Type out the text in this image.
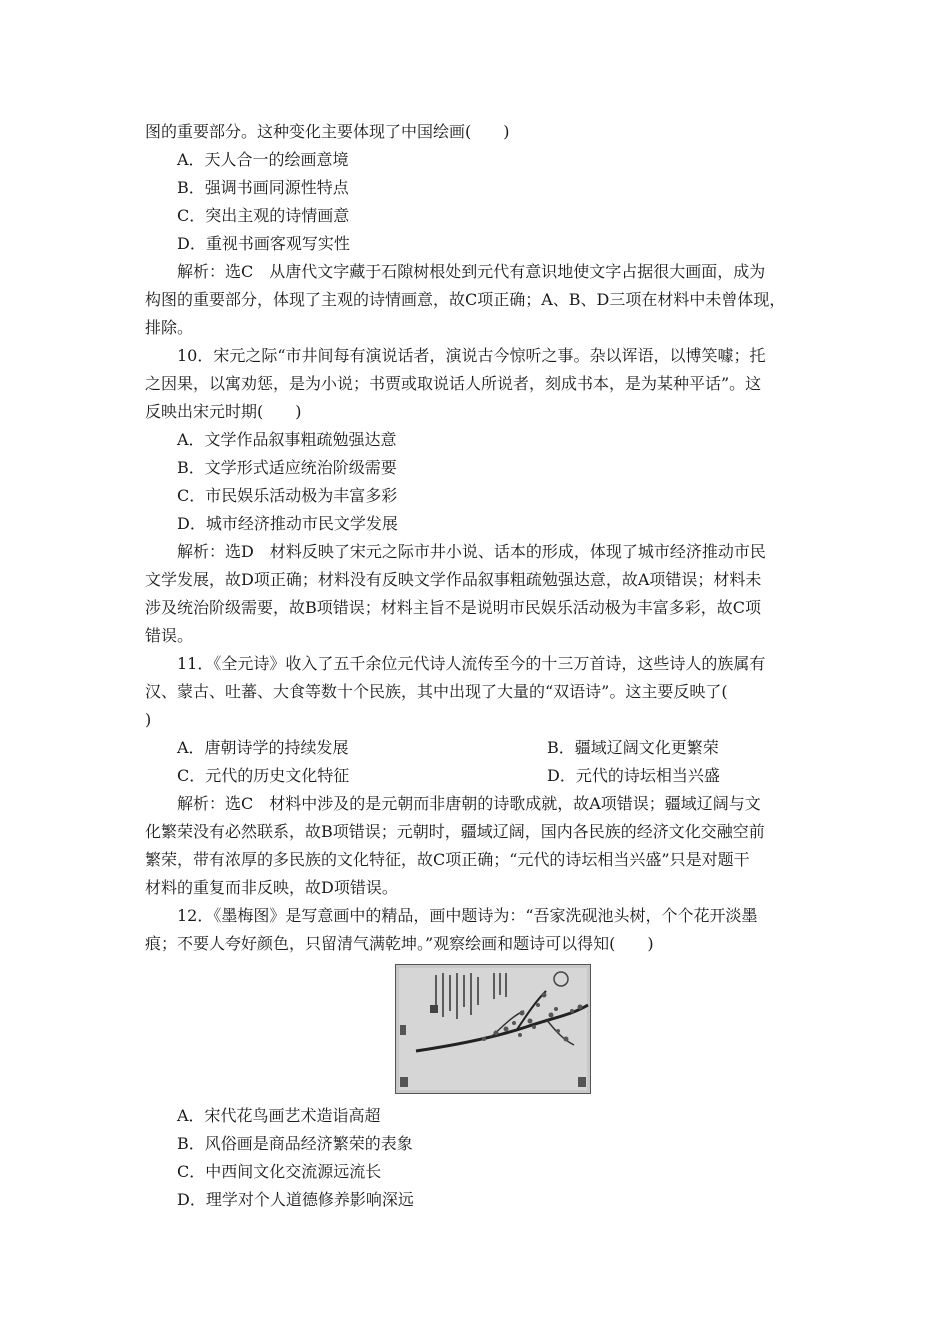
图的重要部分。这种变化主要体现了中国绘画(　　)

A．天人合一的绘画意境

B．强调书画同源性特点

C．突出主观的诗情画意

D．重视书画客观写实性

解析：选C　从唐代文字藏于石隙树根处到元代有意识地使文字占据很大画面，成为

构图的重要部分，体现了主观的诗情画意，故C项正确；A、B、D三项在材料中未曾体现，

排除。

10．宋元之际“市井间每有演说话者，演说古今惊听之事。杂以诨语，以博笑噱；托

之因果，以寓劝惩，是为小说；书贾或取说话人所说者，刻成书本，是为某种平话”。这

反映出宋元时期(　　)

A．文学作品叙事粗疏勉强达意

B．文学形式适应统治阶级需要

C．市民娱乐活动极为丰富多彩

D．城市经济推动市民文学发展

解析：选D　材料反映了宋元之际市井小说、话本的形成，体现了城市经济推动市民

文学发展，故D项正确；材料没有反映文学作品叙事粗疏勉强达意，故A项错误；材料未

涉及统治阶级需要，故B项错误；材料主旨不是说明市民娱乐活动极为丰富多彩，故C项

错误。

11．《全元诗》收入了五千余位元代诗人流传至今的十三万首诗，这些诗人的族属有

汉、蒙古、吐蕃、大食等数十个民族，其中出现了大量的“双语诗”。这主要反映了(　

)

A．唐朝诗学的持续发展	B．疆域辽阔文化更繁荣
C．元代的历史文化特征	D．元代的诗坛相当兴盛

解析：选C　材料中涉及的是元朝而非唐朝的诗歌成就，故A项错误；疆域辽阔与文

化繁荣没有必然联系，故B项错误；元朝时，疆域辽阔，国内各民族的经济文化交融空前

繁荣，带有浓厚的多民族的文化特征，故C项正确；“元代的诗坛相当兴盛”只是对题干

材料的重复而非反映，故D项错误。

12．《墨梅图》是写意画中的精品，画中题诗为：“吾家洗砚池头树，个个花开淡墨

痕；不要人夸好颜色，只留清气满乾坤。”观察绘画和题诗可以得知(　　)

A．宋代花鸟画艺术造诣高超

B．风俗画是商品经济繁荣的表象

C．中西间文化交流源远流长

D．理学对个人道德修养影响深远
